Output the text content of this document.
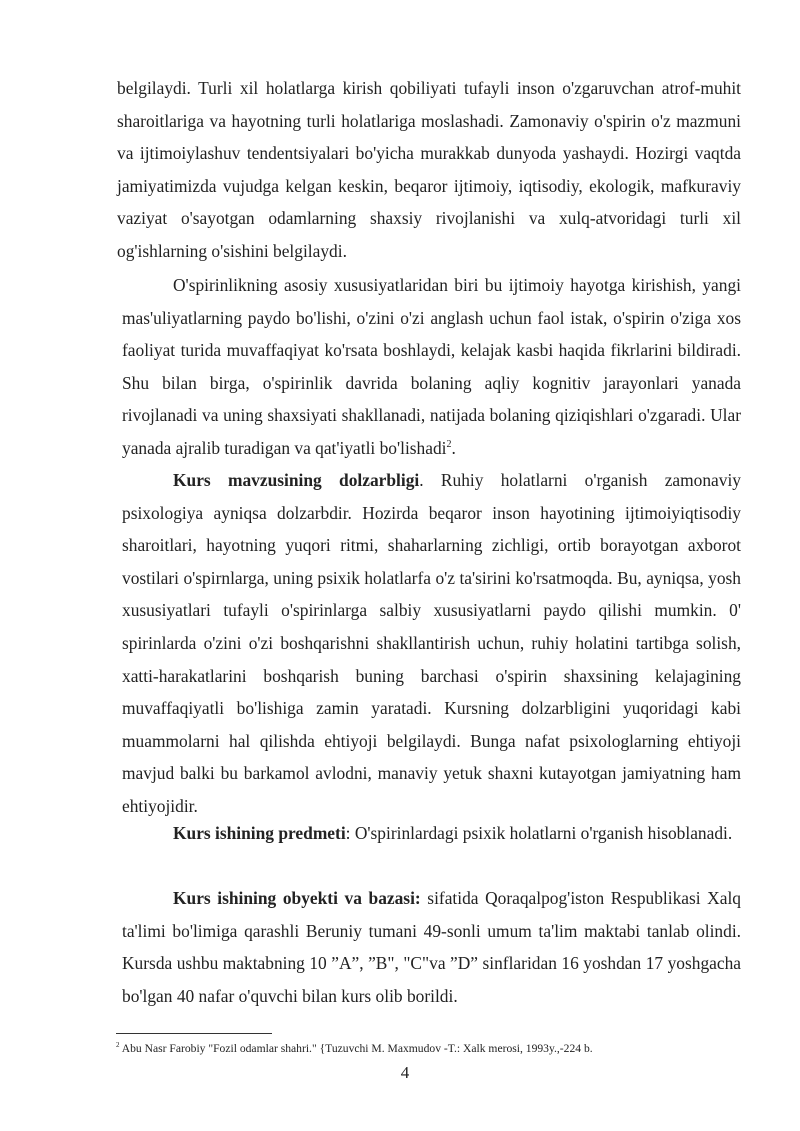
belgilaydi. Turli xil holatlarga kirish qobiliyati tufayli inson o'zgaruvchan atrof-muhit sharoitlariga va hayotning turli holatlariga moslashadi. Zamonaviy o'spirin o'z mazmuni va ijtimoiylashuv tendentsiyalari bo'yicha murakkab dunyoda yashaydi. Hozirgi vaqtda jamiyatimizda vujudga kelgan keskin, beqaror ijtimoiy, iqtisodiy, ekologik, mafkuraviy vaziyat o'sayotgan odamlarning shaxsiy rivojlanishi va xulq-atvoridagi turli xil og'ishlarning o'sishini belgilaydi.

O'spirinlikning asosiy xususiyatlaridan biri bu ijtimoiy hayotga kirishish, yangi mas'uliyatlarning paydo bo'lishi, o'zini o'zi anglash uchun faol istak, o'spirin o'ziga xos faoliyat turida muvaffaqiyat ko'rsata boshlaydi, kelajak kasbi haqida fikrlarini bildiradi. Shu bilan birga, o'spirinlik davrida bolaning aqliy kognitiv jarayonlari yanada rivojlanadi va uning shaxsiyati shakllanadi, natijada bolaning qiziqishlari o'zgaradi. Ular yanada ajralib turadigan va qat'iyatli bo'lishadi$^2$.

Kurs mavzusining dolzarbligi. Ruhiy holatlarni o'rganish zamonaviy psixologiya ayniqsa dolzarbdir. Hozirda beqaror inson hayotining ijtimoiyiqtisodiy sharoitlari, hayotning yuqori ritmi, shaharlarning zichligi, ortib borayotgan axborot vostilari o'spirnlarga, uning psixik holatlarfa o'z ta'sirini ko'rsatmoqda. Bu, ayniqsa, yosh xususiyatlari tufayli o'spirinlarga salbiy xususiyatlarni paydo qilishi mumkin. 0' spirinlarda o'zini o'zi boshqarishni shakllantirish uchun, ruhiy holatini tartibga solish, xatti-harakatlarini boshqarish buning barchasi o'spirin shaxsining kelajagining muvaffaqiyatli bo'lishiga zamin yaratadi. Kursning dolzarbligini yuqoridagi kabi muammolarni hal qilishda ehtiyoji belgilaydi. Bunga nafat psixologlarning ehtiyoji mavjud balki bu barkamol avlodni, manaviy yetuk shaxni kutayotgan jamiyatning ham ehtiyojidir.

Kurs ishining predmeti: O'spirinlardagi psixik holatlarni o'rganish hisoblanadi.

Kurs ishining obyekti va bazasi: sifatida Qoraqalpog'iston Respublikasi Xalq ta'limi bo'limiga qarashli Beruniy tumani 49-sonli umum ta'lim maktabi tanlab olindi. Kursda ushbu maktabning 10 ”A”, ”B", "C"va ”D” sinflaridan 16 yoshdan 17 yoshgacha bo'lgan 40 nafar o'quvchi bilan kurs olib borildi.

$^2$ Abu Nasr Farobiy "Fozil odamlar shahri." {Tuzuvchi M. Maxmudov -T.: Xalk merosi, 1993y.,-224 b.
4
